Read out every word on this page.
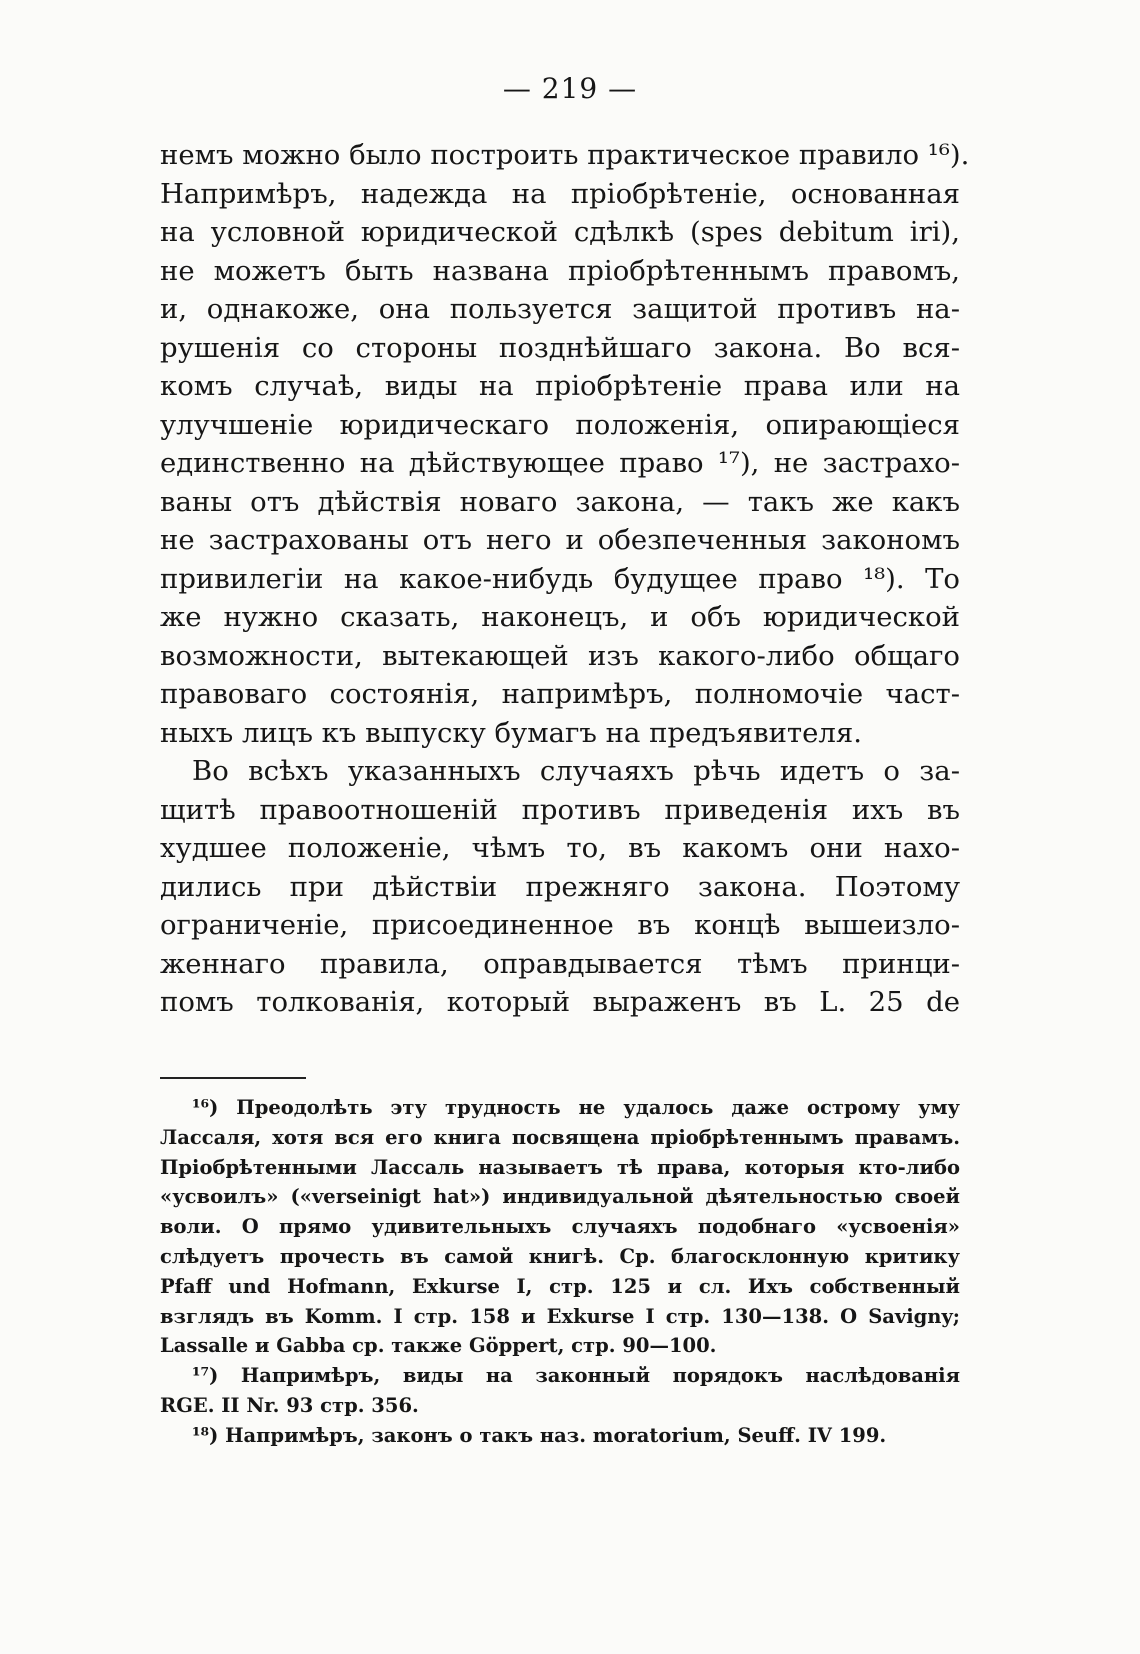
— 219 —
немъ можно было построить практическое правило ¹⁶).
Напримѣръ, надежда на пріобрѣтеніе, основанная
на условной юридической сдѣлкѣ (spes debitum iri),
не можетъ быть названа пріобрѣтеннымъ правомъ,
и, однакоже, она пользуется защитой противъ на-
рушенія со стороны позднѣйшаго закона. Во вся-
комъ случаѣ, виды на пріобрѣтеніе права или на
улучшеніе юридическаго положенія, опирающіеся
единственно на дѣйствующее право ¹⁷), не застрахо-
ваны отъ дѣйствія новаго закона, — такъ же какъ
не застрахованы отъ него и обезпеченныя закономъ
привилегіи на какое-нибудь будущее право ¹⁸). То
же нужно сказать, наконецъ, и объ юридической
возможности, вытекающей изъ какого-либо общаго
правоваго состоянія, напримѣръ, полномочіе част-
ныхъ лицъ къ выпуску бумагъ на предъявителя.
Во всѣхъ указанныхъ случаяхъ рѣчь идетъ о за-
щитѣ правоотношеній противъ приведенія ихъ въ
худшее положеніе, чѣмъ то, въ какомъ они нахо-
дились при дѣйствіи прежняго закона. Поэтому
ограниченіе, присоединенное въ концѣ вышеизло-
женнаго правила, оправдывается тѣмъ принци-
помъ толкованія, который выраженъ въ L. 25 de
¹⁶) Преодолѣть эту трудность не удалось даже острому уму
Лассаля, хотя вся его книга посвящена пріобрѣтеннымъ правамъ.
Пріобрѣтенными Лассаль называетъ тѣ права, которыя кто-либо
«усвоилъ» («verseinigt hat») индивидуальной дѣятельностью своей
воли. О прямо удивительныхъ случаяхъ подобнаго «усвоенія»
слѣдуетъ прочесть въ самой книгѣ. Ср. благосклонную критику
Pfaff und Hofmann, Exkurse I, стр. 125 и сл. Ихъ собственный
взглядъ въ Komm. I стр. 158 и Exkurse I стр. 130—138. О Savigny;
Lassalle и Gabba ср. также Göppert, стр. 90—100.
¹⁷) Напримѣръ, виды на законный порядокъ наслѣдованія
RGE. II Nr. 93 стр. 356.
¹⁸) Напримѣръ, законъ о такъ наз. moratorium, Seuff. IV 199.
